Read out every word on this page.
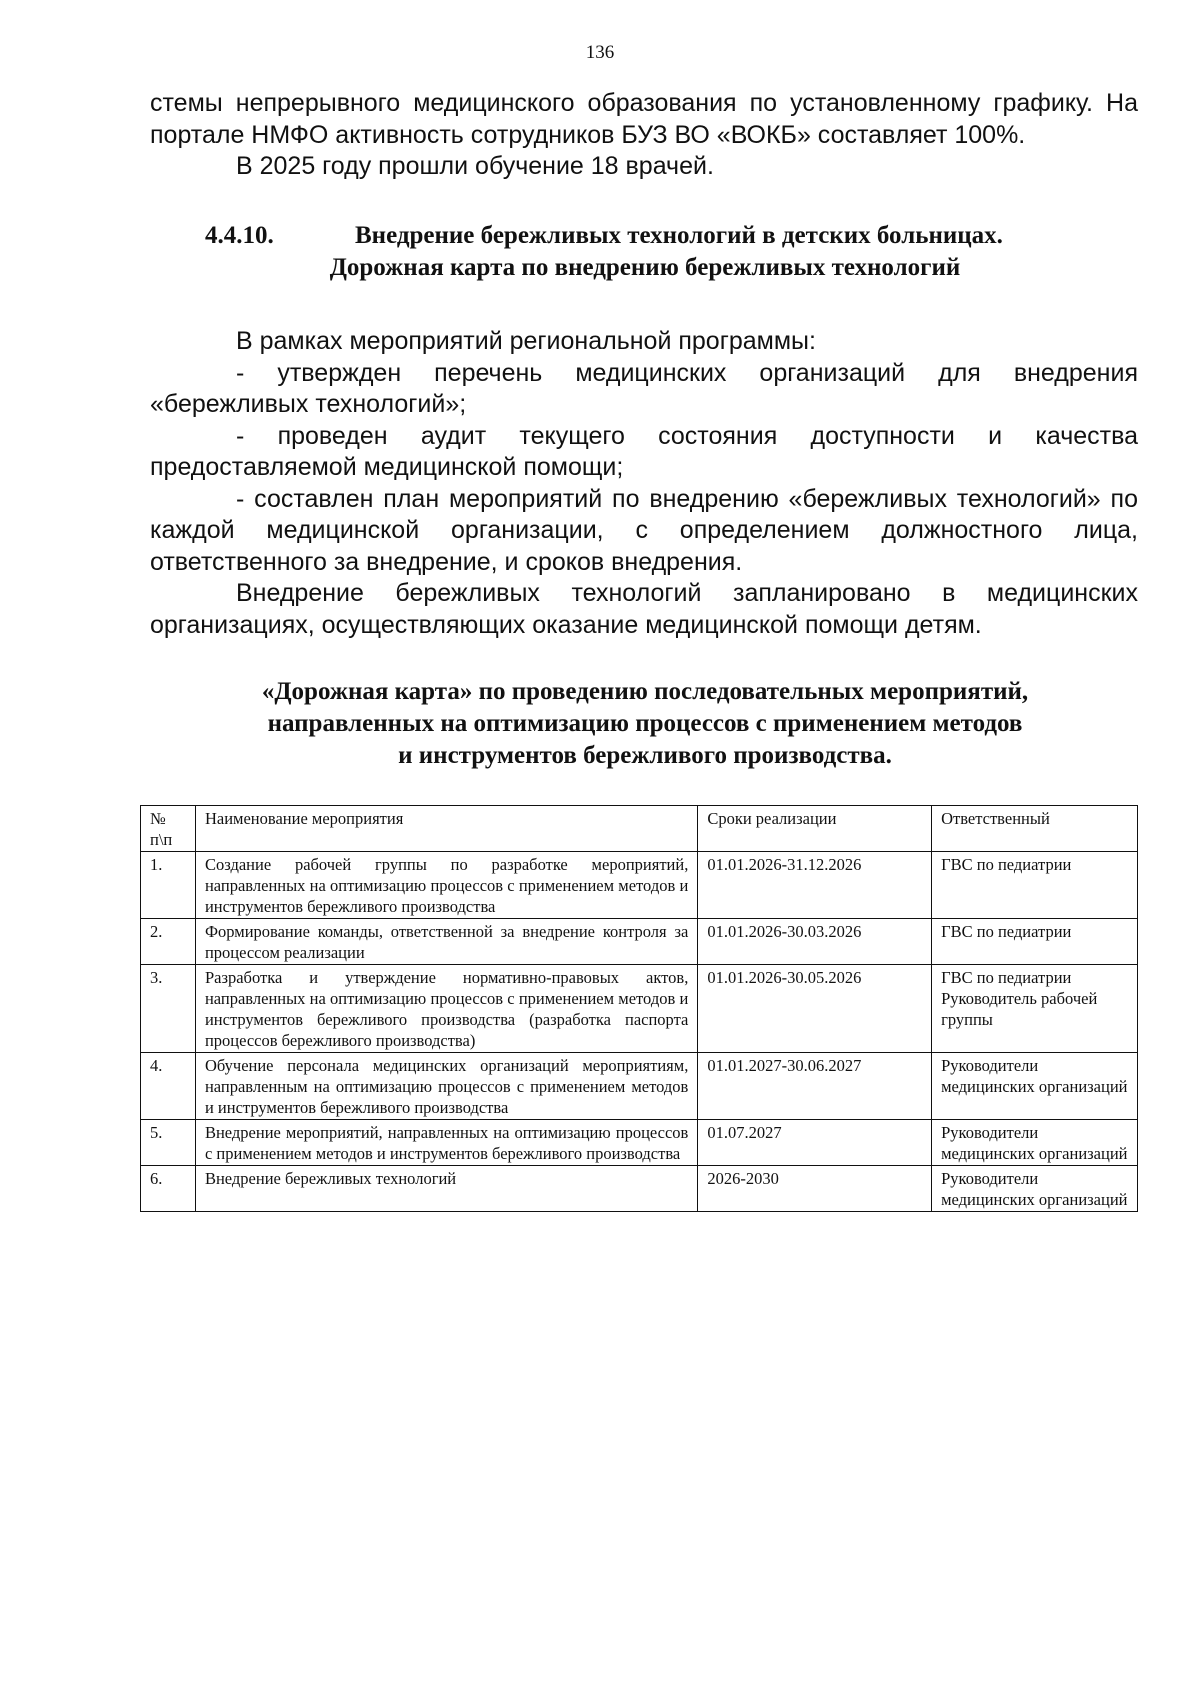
136

стемы непрерывного медицинского образования по установленному графику. На портале НМФО активность сотрудников БУЗ ВО «ВОКБ» составляет 100%.

В 2025 году прошли обучение 18 врачей.

4.4.10.	Внедрение бережливых технологий в детских больницах.
Дорожная карта по внедрению бережливых технологий

В рамках мероприятий региональной программы:

- утвержден перечень медицинских организаций для внедрения «бережливых технологий»;

- проведен аудит текущего состояния доступности и качества предоставляемой медицинской помощи;

- составлен план мероприятий по внедрению «бережливых технологий» по каждой медицинской организации, с определением должностного лица, ответственного за внедрение, и сроков внедрения.

Внедрение бережливых технологий запланировано в медицинских организациях, осуществляющих оказание медицинской помощи детям.

«Дорожная карта» по проведению последовательных мероприятий,
направленных на оптимизацию процессов с применением методов
и инструментов бережливого производства.
№ п\п	Наименование мероприятия	Сроки реализации	Ответственный
1.	Создание рабочей группы по разработке мероприятий, направленных на оптимизацию процессов с применением методов и инструментов бережливого производства	01.01.2026-31.12.2026	ГВС по педиатрии
2.	Формирование команды, ответственной за внедрение контроля за процессом реализации	01.01.2026-30.03.2026	ГВС по педиатрии
3.	Разработка и утверждение нормативно-правовых актов, направленных на оптимизацию процессов с применением методов и инструментов бережливого производства (разработка паспорта процессов бережливого производства)	01.01.2026-30.05.2026	ГВС по педиатрии Руководитель рабочей группы
4.	Обучение персонала медицинских организаций мероприятиям, направленным на оптимизацию процессов с применением методов и инструментов бережливого производства	01.01.2027-30.06.2027	Руководители медицинских организаций
5.	Внедрение мероприятий, направленных на оптимизацию процессов с применением методов и инструментов бережливого производства	01.07.2027	Руководители медицинских организаций
6.	Внедрение бережливых технологий	2026-2030	Руководители медицинских организаций
